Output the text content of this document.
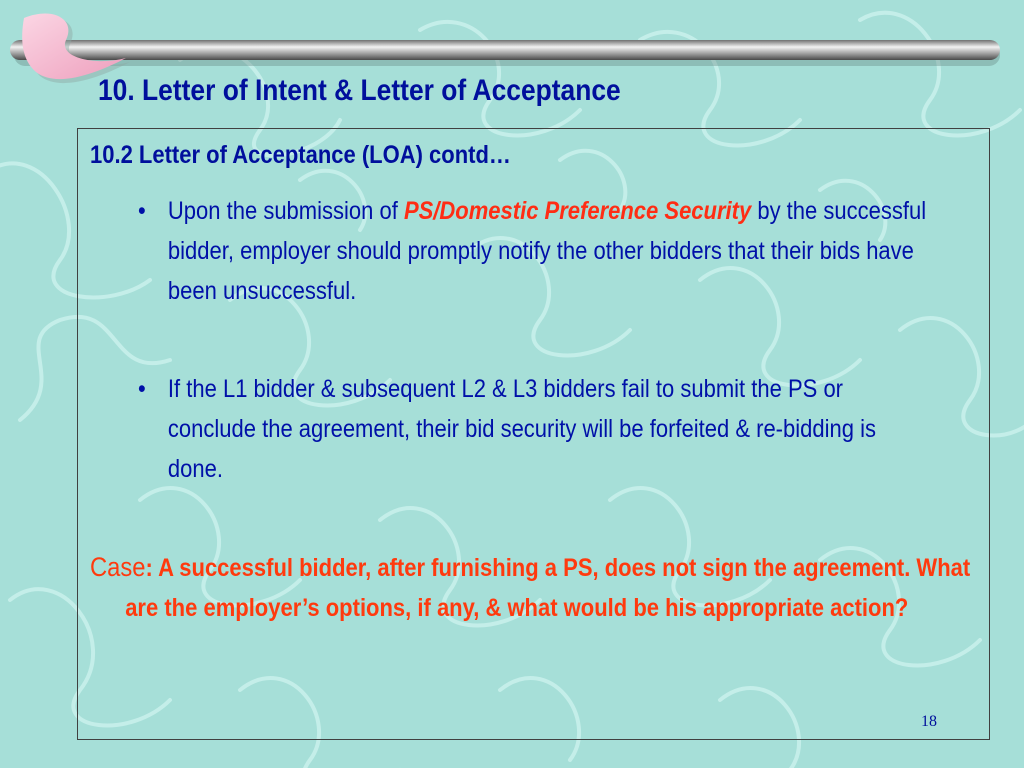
10. Letter of Intent & Letter of Acceptance
10.2 Letter of Acceptance (LOA) contd…
• Upon the submission of PS/Domestic Preference Security by the successful bidder, employer should promptly notify the other bidders that their bids have been unsuccessful.
• If the L1 bidder & subsequent L2 & L3 bidders fail to submit the PS or conclude the agreement, their bid security will be forfeited & re-bidding is done.
Case: A successful bidder, after furnishing a PS, does not sign the agreement. What are the employer’s options, if any, & what would be his appropriate action?
18
